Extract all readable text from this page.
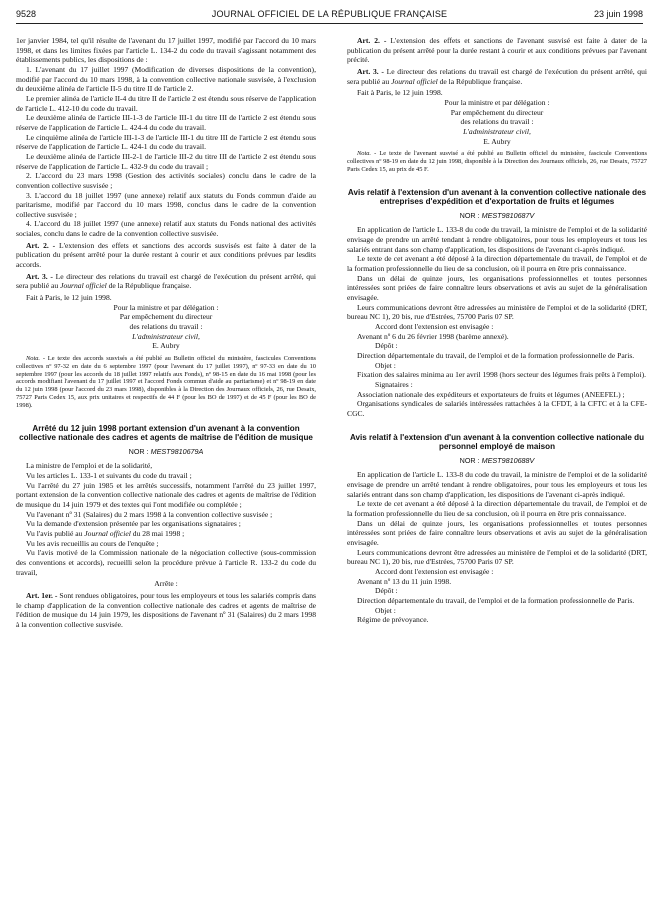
9528	JOURNAL OFFICIEL DE LA RÉPUBLIQUE FRANÇAISE	23 juin 1998

1er janvier 1984, tel qu'il résulte de l'avenant du 17 juillet 1997, modifié par l'accord du 10 mars 1998, et dans les limites fixées par l'article L. 134-2 du code du travail s'agissant notamment des établissements publics, les dispositions de :

1. L'avenant du 17 juillet 1997 (Modification de diverses dispositions de la convention), modifié par l'accord du 10 mars 1998, à la convention collective nationale susvisée, à l'exclusion du deuxième alinéa de l'article II-5 du titre II de l'article 2.

Le premier alinéa de l'article II-4 du titre II de l'article 2 est étendu sous réserve de l'application de l'article L. 412-10 du code du travail.

Le deuxième alinéa de l'article III-1-3 de l'article III-1 du titre III de l'article 2 est étendu sous réserve de l'application de l'article L. 424-4 du code du travail.

Le cinquième alinéa de l'article III-1-3 de l'article III-1 du titre III de l'article 2 est étendu sous réserve de l'application de l'article L. 424-1 du code du travail.

Le deuxième alinéa de l'article III-2-1 de l'article III-2 du titre III de l'article 2 est étendu sous réserve de l'application de l'article L. 432-9 du code du travail ;

2. L'accord du 23 mars 1998 (Gestion des activités sociales) conclu dans le cadre de la convention collective susvisée ;

3. L'accord du 18 juillet 1997 (une annexe) relatif aux statuts du Fonds commun d'aide au paritarisme, modifié par l'accord du 10 mars 1998, conclus dans le cadre de la convention collective susvisée ;

4. L'accord du 18 juillet 1997 (une annexe) relatif aux statuts du Fonds national des activités sociales, conclu dans le cadre de la convention collective susvisée.

Art. 2. - L'extension des effets et sanctions des accords susvisés est faite à dater de la publication du présent arrêté pour la durée restant à courir et aux conditions prévues par lesdits accords.

Art. 3. - Le directeur des relations du travail est chargé de l'exécution du présent arrêté, qui sera publié au Journal officiel de la République française.

Fait à Paris, le 12 juin 1998.

Pour la ministre et par délégation :

Par empêchement du directeur

des relations du travail :

L'administrateur civil,

E. Aubry

Nota. - Le texte des accords susvisés a été publié au Bulletin officiel du ministère, fascicules Conventions collectives nº 97-32 en date du 6 septembre 1997 (pour l'avenant du 17 juillet 1997), nº 97-33 en date du 10 septembre 1997 (pour les accords du 18 juillet 1997 relatifs aux Fonds), nº 98-15 en date du 16 mai 1998 (pour les accords modifiant l'avenant du 17 juillet 1997 et l'accord Fonds commun d'aide au paritarisme) et nº 98-19 en date du 12 juin 1998 (pour l'accord du 23 mars 1998), disponibles à la Direction des Journaux officiels, 26, rue Desaix, 75727 Paris Cedex 15, aux prix unitaires et respectifs de 44 F (pour les BO de 1997) et de 45 F (pour les BO de 1998).

Arrêté du 12 juin 1998 portant extension d'un avenant à la convention collective nationale des cadres et agents de maîtrise de l'édition de musique

NOR : MEST9810679A

La ministre de l'emploi et de la solidarité,

Vu les articles L. 133-1 et suivants du code du travail ;

Vu l'arrêté du 27 juin 1985 et les arrêtés successifs, notamment l'arrêté du 23 juillet 1997, portant extension de la convention collective nationale des cadres et agents de maîtrise de l'édition de musique du 14 juin 1979 et des textes qui l'ont modifiée ou complétée ;

Vu l'avenant nº 31 (Salaires) du 2 mars 1998 à la convention collective susvisée ;

Vu la demande d'extension présentée par les organisations signataires ;

Vu l'avis publié au Journal officiel du 28 mai 1998 ;

Vu les avis recueillis au cours de l'enquête ;

Vu l'avis motivé de la Commission nationale de la négociation collective (sous-commission des conventions et accords), recueilli selon la procédure prévue à l'article R. 133-2 du code du travail,

Arrête :

Art. 1er. - Sont rendues obligatoires, pour tous les employeurs et tous les salariés compris dans le champ d'application de la convention collective nationale des cadres et agents de maîtrise de l'édition de musique du 14 juin 1979, les dispositions de l'avenant nº 31 (Salaires) du 2 mars 1998 à la convention collective susvisée.

Art. 2. - L'extension des effets et sanctions de l'avenant susvisé est faite à dater de la publication du présent arrêté pour la durée restant à courir et aux conditions prévues par l'avenant précité.

Art. 3. - Le directeur des relations du travail est chargé de l'exécution du présent arrêté, qui sera publié au Journal officiel de la République française.

Fait à Paris, le 12 juin 1998.

Pour la ministre et par délégation :

Par empêchement du directeur

des relations du travail :

L'administrateur civil,

E. Aubry

Nota. - Le texte de l'avenant susvisé a été publié au Bulletin officiel du ministère, fascicule Conventions collectives nº 98-19 en date du 12 juin 1998, disponible à la Direction des Journaux officiels, 26, rue Desaix, 75727 Paris Cedex 15, au prix de 45 F.

Avis relatif à l'extension d'un avenant à la convention collective nationale des entreprises d'expédition et d'exportation de fruits et légumes

NOR : MEST9810687V

En application de l'article L. 133-8 du code du travail, la ministre de l'emploi et de la solidarité envisage de prendre un arrêté tendant à rendre obligatoires, pour tous les employeurs et tous les salariés entrant dans son champ d'application, les dispositions de l'avenant ci-après indiqué.

Le texte de cet avenant a été déposé à la direction départementale du travail, de l'emploi et de la formation professionnelle du lieu de sa conclusion, où il pourra en être pris connaissance.

Dans un délai de quinze jours, les organisations professionnelles et toutes personnes intéressées sont priées de faire connaître leurs observations et avis au sujet de la généralisation envisagée.

Leurs communications devront être adressées au ministère de l'emploi et de la solidarité (DRT, bureau NC 1), 20 bis, rue d'Estrées, 75700 Paris 07 SP.

Accord dont l'extension est envisagée :

Avenant nº 6 du 26 février 1998 (barème annexé).

Dépôt :

Direction départementale du travail, de l'emploi et de la formation professionnelle de Paris.

Objet :

Fixation des salaires minima au 1er avril 1998 (hors secteur des légumes frais prêts à l'emploi).

Signataires :

Association nationale des expéditeurs et exportateurs de fruits et légumes (ANEEFEL) ;

Organisations syndicales de salariés intéressées rattachées à la CFDT, à la CFTC et à la CFE-CGC.

Avis relatif à l'extension d'un avenant à la convention collective nationale du personnel employé de maison

NOR : MEST9810688V

En application de l'article L. 133-8 du code du travail, la ministre de l'emploi et de la solidarité envisage de prendre un arrêté tendant à rendre obligatoires, pour tous les employeurs et tous les salariés entrant dans son champ d'application, les dispositions de l'avenant ci-après indiqué.

Le texte de cet avenant a été déposé à la direction départementale du travail, de l'emploi et de la formation professionnelle du lieu de sa conclusion, où il pourra en être pris connaissance.

Dans un délai de quinze jours, les organisations professionnelles et toutes personnes intéressées sont priées de faire connaître leurs observations et avis au sujet de la généralisation envisagée.

Leurs communications devront être adressées au ministère de l'emploi et de la solidarité (DRT, bureau NC 1), 20 bis, rue d'Estrées, 75700 Paris 07 SP.

Accord dont l'extension est envisagée :

Avenant nº 13 du 11 juin 1998.

Dépôt :

Direction départementale du travail, de l'emploi et de la formation professionnelle de Paris.

Objet :

Régime de prévoyance.
